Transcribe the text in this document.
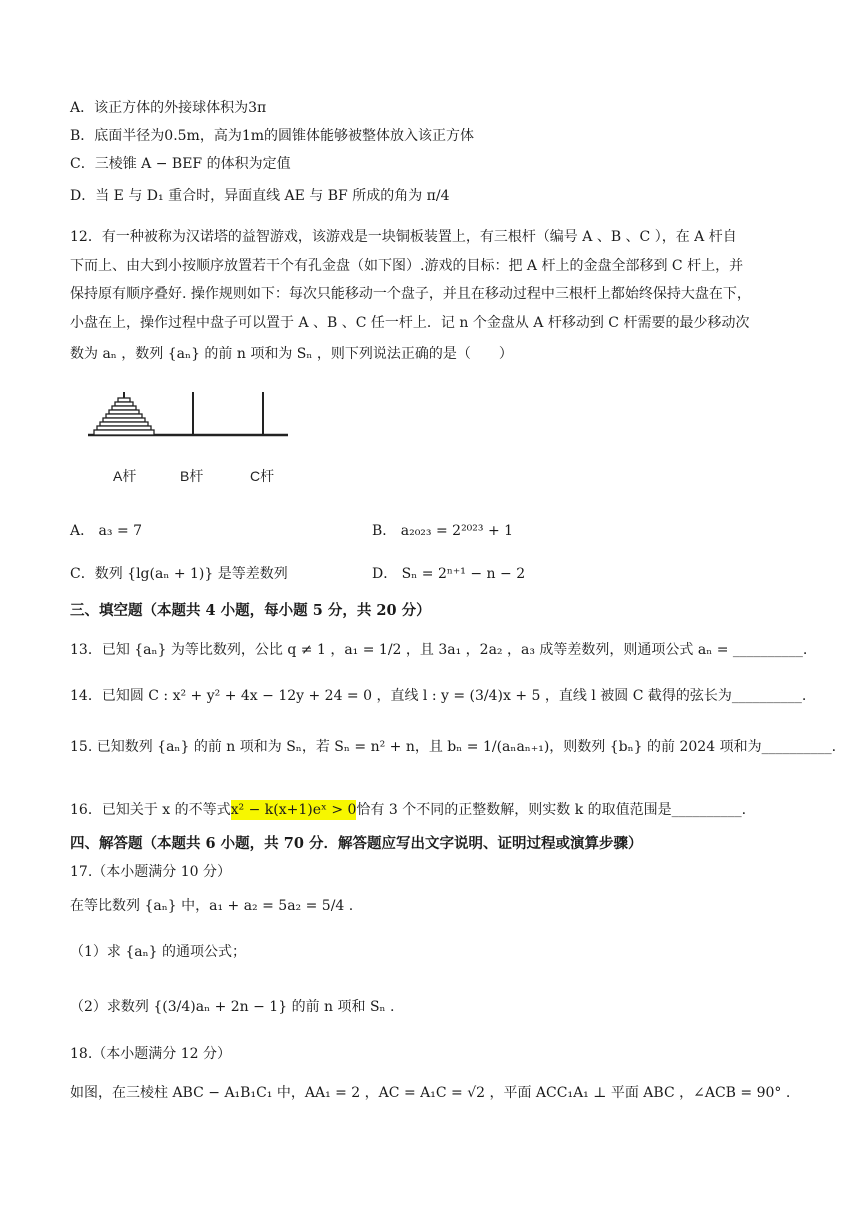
A．该正方体的外接球体积为3π
B．底面半径为0.5m，高为1m的圆锥体能够被整体放入该正方体
C．三棱锥 A − BEF 的体积为定值
D．当 E 与 D₁ 重合时，异面直线 AE 与 BF 所成的角为 π/4
12．有一种被称为汉诺塔的益智游戏，该游戏是一块铜板装置上，有三根杆（编号 A 、B 、C ），在 A 杆自
下而上、由大到小按顺序放置若干个有孔金盘（如下图）.游戏的目标：把 A 杆上的金盘全部移到 C 杆上，并
保持原有顺序叠好. 操作规则如下：每次只能移动一个盘子，并且在移动过程中三根杆上都始终保持大盘在下，
小盘在上，操作过程中盘子可以置于 A 、B 、C 任一杆上．记 n 个金盘从 A 杆移动到 C 杆需要的最少移动次
数为 aₙ ，数列 {aₙ} 的前 n 项和为 Sₙ ，则下列说法正确的是（　　）
A杆	B杆	C杆
A． a₃ = 7	B． a₂₀₂₃ = 2²⁰²³ + 1
C．数列 {lg(aₙ + 1)} 是等差数列	D． Sₙ = 2ⁿ⁺¹ − n − 2
三、填空题（本题共 4 小题，每小题 5 分，共 20 分）
13．已知 {aₙ} 为等比数列，公比 q ≠ 1 ，a₁ = 1/2 ，且 3a₁ ，2a₂ ，a₃ 成等差数列，则通项公式 aₙ = __________.
14．已知圆 C : x² + y² + 4x − 12y + 24 = 0 ，直线 l : y = (3/4)x + 5 ，直线 l 被圆 C 截得的弦长为__________.
15. 已知数列 {aₙ} 的前 n 项和为 Sₙ，若 Sₙ = n² + n，且 bₙ = 1/(aₙaₙ₊₁)，则数列 {bₙ} 的前 2024 项和为__________.
16．已知关于 x 的不等式x² − k(x+1)eˣ > 0恰有 3 个不同的正整数解，则实数 k 的取值范围是__________.
四、解答题（本题共 6 小题，共 70 分．解答题应写出文字说明、证明过程或演算步骤）
17.（本小题满分 10 分）
在等比数列 {aₙ} 中，a₁ + a₂ = 5a₂ = 5/4 .
（1）求 {aₙ} 的通项公式；
（2）求数列 {(3/4)aₙ + 2n − 1} 的前 n 项和 Sₙ .
18.（本小题满分 12 分）
如图，在三棱柱 ABC − A₁B₁C₁ 中，AA₁ = 2 ，AC = A₁C = √2 ，平面 ACC₁A₁ ⊥ 平面 ABC ，∠ACB = 90° .
